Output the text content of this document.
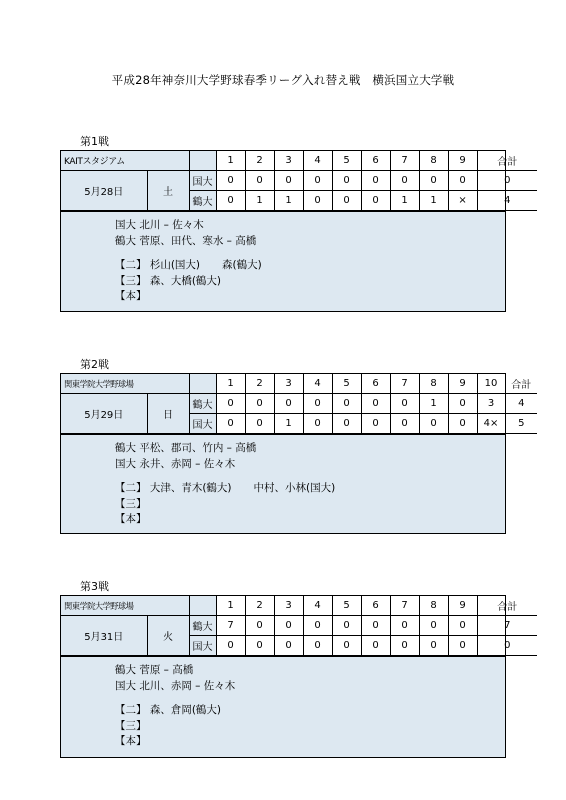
平成28年神奈川大学野球春季リーグ入れ替え戦　横浜国立大学戦
第1戦
KAITスタジアム			1	2	3	4	5	6	7	8	9	合計
5月28日	土	国大	0	0	0	0	0	0	0	0	0	0
		鶴大	0	1	1	0	0	0	1	1	×	4
国大 北川 – 佐々木
鶴大 菅原、田代、寒水 – 高橋
【二】 杉山(国大) 森(鶴大)
【三】 森、大橋(鶴大)
【本】
第2戦
関東学院大学野球場			1	2	3	4	5	6	7	8	9	10	合計
5月29日	日	鶴大	0	0	0	0	0	0	0	1	0	3	4
		国大	0	0	1	0	0	0	0	0	0	4×	5
鶴大 平松、郡司、竹内 – 高橋
国大 永井、赤岡 – 佐々木
【二】 大津、青木(鶴大) 中村、小林(国大)
【三】
【本】
第3戦
関東学院大学野球場			1	2	3	4	5	6	7	8	9	合計
5月31日	火	鶴大	7	0	0	0	0	0	0	0	0	7
		国大	0	0	0	0	0	0	0	0	0	0
鶴大 菅原 – 高橋
国大 北川、赤岡 – 佐々木
【二】 森、倉岡(鶴大)
【三】
【本】
